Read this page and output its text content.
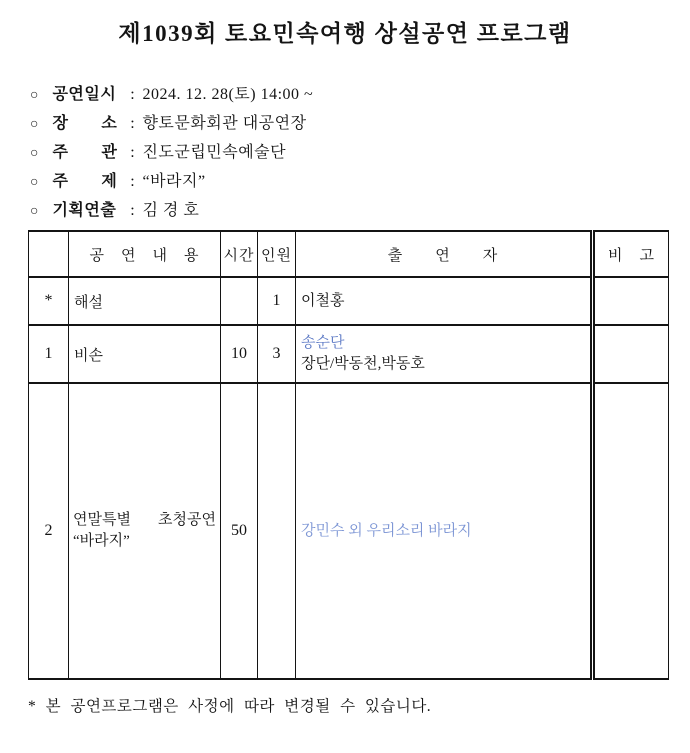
제1039회 토요민속여행 상설공연 프로그램
○ 공연일시 : 2024. 12. 28(토) 14:00 ~
○ 장　　소 : 향토문화회관 대공연장
○ 주　　관 : 진도군립민속예술단
○ 주　　제 : “바라지”
○ 기획연출 : 김 경 호
	공　연　내　용	시간	인원	출　　연　　자	비　고
*	해설		1	이철홍	

1	비손	10	3	송순단
장단/박동천,박동호	

2	연말특별 초청공연
“바라지”	50		강민수 외 우리소리 바라지	

* 본 공연프로그램은 사정에 따라 변경될 수 있습니다.
